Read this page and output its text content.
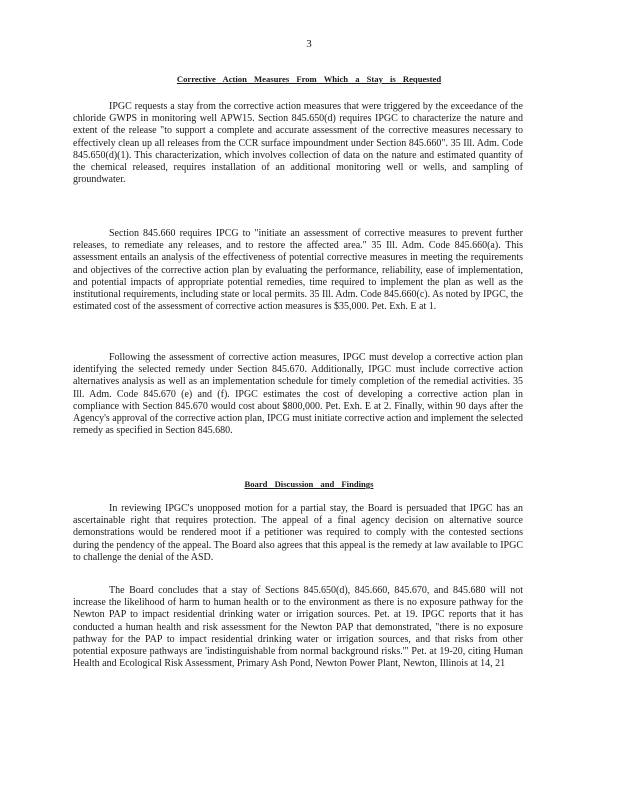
3
Corrective Action Measures From Which a Stay is Requested

IPGC requests a stay from the corrective action measures that were triggered by the exceedance of the chloride GWPS in monitoring well APW15. Section 845.650(d) requires IPGC to characterize the nature and extent of the release "to support a complete and accurate assessment of the corrective measures necessary to effectively clean up all releases from the CCR surface impoundment under Section 845.660". 35 Ill. Adm. Code 845.650(d)(1). This characterization, which involves collection of data on the nature and estimated quantity of the chemical released, requires installation of an additional monitoring well or wells, and sampling of groundwater.

Section 845.660 requires IPCG to "initiate an assessment of corrective measures to prevent further releases, to remediate any releases, and to restore the affected area." 35 Ill. Adm. Code 845.660(a). This assessment entails an analysis of the effectiveness of potential corrective measures in meeting the requirements and objectives of the corrective action plan by evaluating the performance, reliability, ease of implementation, and potential impacts of appropriate potential remedies, time required to implement the plan as well as the institutional requirements, including state or local permits. 35 Ill. Adm. Code 845.660(c). As noted by IPGC, the estimated cost of the assessment of corrective action measures is $35,000. Pet. Exh. E at 1.

Following the assessment of corrective action measures, IPGC must develop a corrective action plan identifying the selected remedy under Section 845.670. Additionally, IPGC must include corrective action alternatives analysis as well as an implementation schedule for timely completion of the remedial activities. 35 Ill. Adm. Code 845.670 (e) and (f). IPGC estimates the cost of developing a corrective action plan in compliance with Section 845.670 would cost about $800,000. Pet. Exh. E at 2. Finally, within 90 days after the Agency's approval of the corrective action plan, IPCG must initiate corrective action and implement the selected remedy as specified in Section 845.680.

Board Discussion and Findings

In reviewing IPGC's unopposed motion for a partial stay, the Board is persuaded that IPGC has an ascertainable right that requires protection. The appeal of a final agency decision on alternative source demonstrations would be rendered moot if a petitioner was required to comply with the contested sections during the pendency of the appeal. The Board also agrees that this appeal is the remedy at law available to IPGC to challenge the denial of the ASD.

The Board concludes that a stay of Sections 845.650(d), 845.660, 845.670, and 845.680 will not increase the likelihood of harm to human health or to the environment as there is no exposure pathway for the Newton PAP to impact residential drinking water or irrigation sources. Pet. at 19. IPGC reports that it has conducted a human health and risk assessment for the Newton PAP that demonstrated, "there is no exposure pathway for the PAP to impact residential drinking water or irrigation sources, and that risks from other potential exposure pathways are 'indistinguishable from normal background risks.'" Pet. at 19-20, citing Human Health and Ecological Risk Assessment, Primary Ash Pond, Newton Power Plant, Newton, Illinois at 14, 21
